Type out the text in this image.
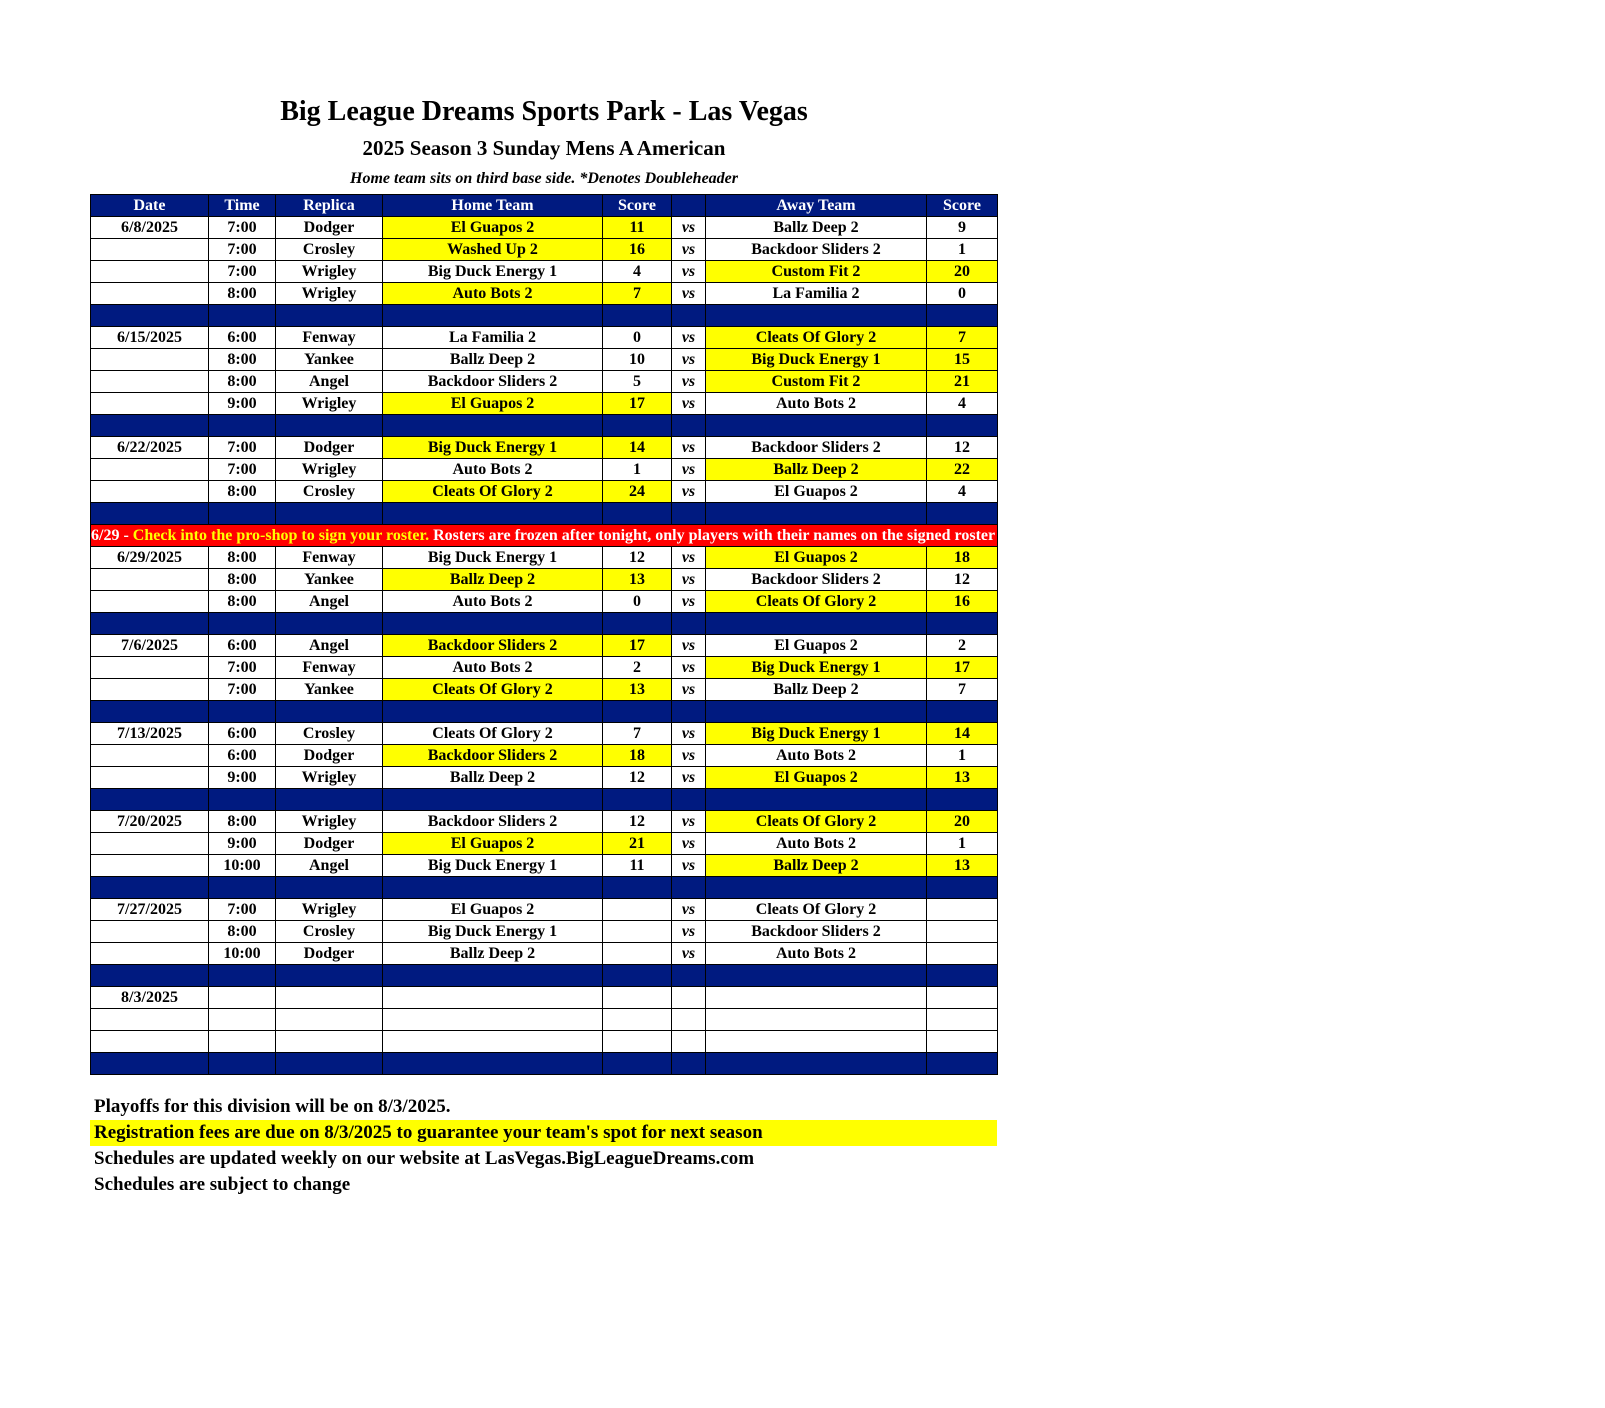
Big League Dreams Sports Park - Las Vegas
2025 Season 3 Sunday Mens A American
Home team sits on third base side. *Denotes Doubleheader
Date	Time	Replica	Home Team	Score		Away Team	Score
6/8/2025	7:00	Dodger	El Guapos 2	11	vs	Ballz Deep 2	9
	7:00	Crosley	Washed Up 2	16	vs	Backdoor Sliders 2	1
	7:00	Wrigley	Big Duck Energy 1	4	vs	Custom Fit 2	20
	8:00	Wrigley	Auto Bots 2	7	vs	La Familia 2	0

6/15/2025	6:00	Fenway	La Familia 2	0	vs	Cleats Of Glory 2	7
	8:00	Yankee	Ballz Deep 2	10	vs	Big Duck Energy 1	15
	8:00	Angel	Backdoor Sliders 2	5	vs	Custom Fit 2	21
	9:00	Wrigley	El Guapos 2	17	vs	Auto Bots 2	4

6/22/2025	7:00	Dodger	Big Duck Energy 1	14	vs	Backdoor Sliders 2	12
	7:00	Wrigley	Auto Bots 2	1	vs	Ballz Deep 2	22
	8:00	Crosley	Cleats Of Glory 2	24	vs	El Guapos 2	4

6/29 - Check into the pro-shop to sign your roster. Rosters are frozen after tonight, only players with their names on the signed roster are eligible for playoffs. Please check carefully as changes will not be made for omissions.							
6/29/2025	8:00	Fenway	Big Duck Energy 1	12	vs	El Guapos 2	18
	8:00	Yankee	Ballz Deep 2	13	vs	Backdoor Sliders 2	12
	8:00	Angel	Auto Bots 2	0	vs	Cleats Of Glory 2	16

7/6/2025	6:00	Angel	Backdoor Sliders 2	17	vs	El Guapos 2	2
	7:00	Fenway	Auto Bots 2	2	vs	Big Duck Energy 1	17
	7:00	Yankee	Cleats Of Glory 2	13	vs	Ballz Deep 2	7

7/13/2025	6:00	Crosley	Cleats Of Glory 2	7	vs	Big Duck Energy 1	14
	6:00	Dodger	Backdoor Sliders 2	18	vs	Auto Bots 2	1
	9:00	Wrigley	Ballz Deep 2	12	vs	El Guapos 2	13

7/20/2025	8:00	Wrigley	Backdoor Sliders 2	12	vs	Cleats Of Glory 2	20
	9:00	Dodger	El Guapos 2	21	vs	Auto Bots 2	1
	10:00	Angel	Big Duck Energy 1	11	vs	Ballz Deep 2	13

7/27/2025	7:00	Wrigley	El Guapos 2		vs	Cleats Of Glory 2	
	8:00	Crosley	Big Duck Energy 1		vs	Backdoor Sliders 2	
	10:00	Dodger	Ballz Deep 2		vs	Auto Bots 2	

8/3/2025							

Playoffs for this division will be on 8/3/2025.
Registration fees are due on 8/3/2025 to guarantee your team's spot for next season
Schedules are updated weekly on our website at LasVegas.BigLeagueDreams.com
Schedules are subject to change
